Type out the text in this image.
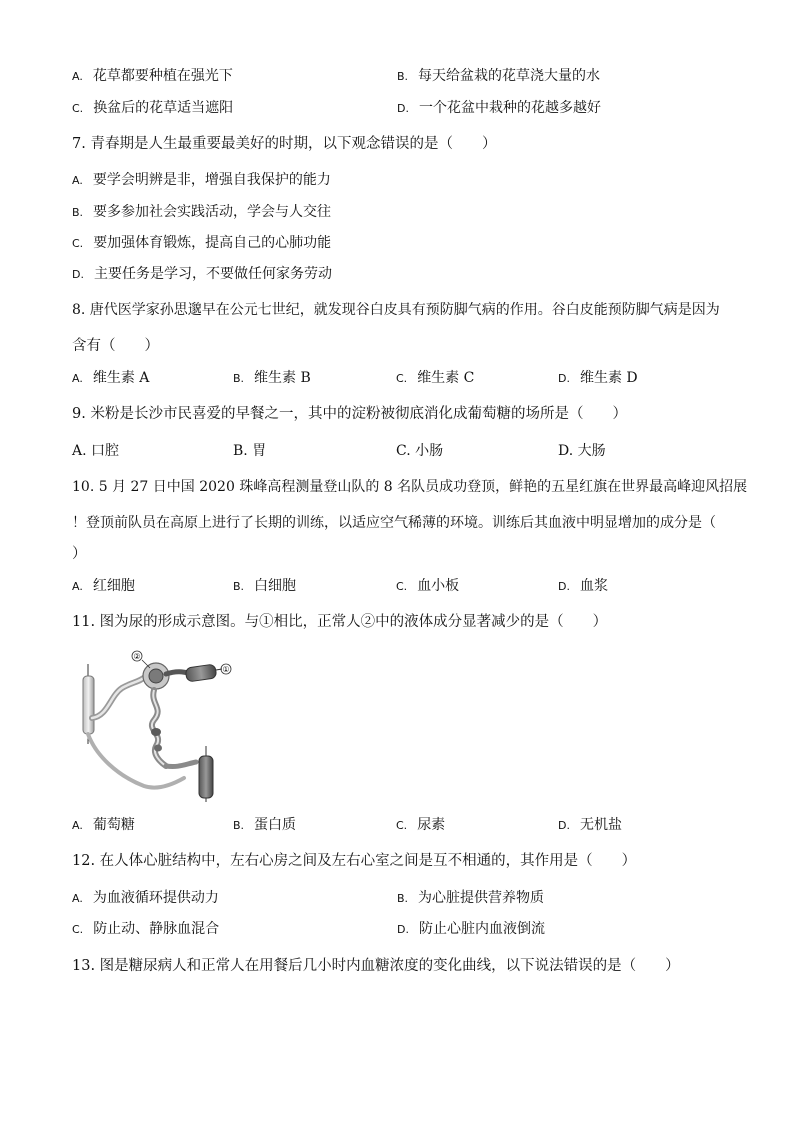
A. 花草都要种植在强光下	B. 每天给盆栽的花草浇大量的水
C. 换盆后的花草适当遮阳	D. 一个花盆中栽种的花越多越好
7. 青春期是人生最重要最美好的时期，以下观念错误的是（　　）
A. 要学会明辨是非，增强自我保护的能力
B. 要多参加社会实践活动，学会与人交往
C. 要加强体育锻炼，提高自己的心肺功能
D. 主要任务是学习，不要做任何家务劳动
8. 唐代医学家孙思邈早在公元七世纪，就发现谷白皮具有预防脚气病的作用。谷白皮能预防脚气病是因为
含有（　　）
A. 维生素 A	B. 维生素 B	C. 维生素 C	D. 维生素 D
9. 米粉是长沙市民喜爱的早餐之一，其中的淀粉被彻底消化成葡萄糖的场所是（　　）
A. 口腔	B. 胃	C. 小肠	D. 大肠
10. 5 月 27 日中国 2020 珠峰高程测量登山队的 8 名队员成功登顶，鲜艳的五星红旗在世界最高峰迎风招展
！登顶前队员在高原上进行了长期的训练，以适应空气稀薄的环境。训练后其血液中明显增加的成分是（
）
A. 红细胞	B. 白细胞	C. 血小板	D. 血浆
11. 图为尿的形成示意图。与①相比，正常人②中的液体成分显著减少的是（　　）
①
②
A. 葡萄糖	B. 蛋白质	C. 尿素	D. 无机盐
12. 在人体心脏结构中，左右心房之间及左右心室之间是互不相通的，其作用是（　　）
A. 为血液循环提供动力	B. 为心脏提供营养物质
C. 防止动、静脉血混合	D. 防止心脏内血液倒流
13. 图是糖尿病人和正常人在用餐后几小时内血糖浓度的变化曲线，以下说法错误的是（　　）
